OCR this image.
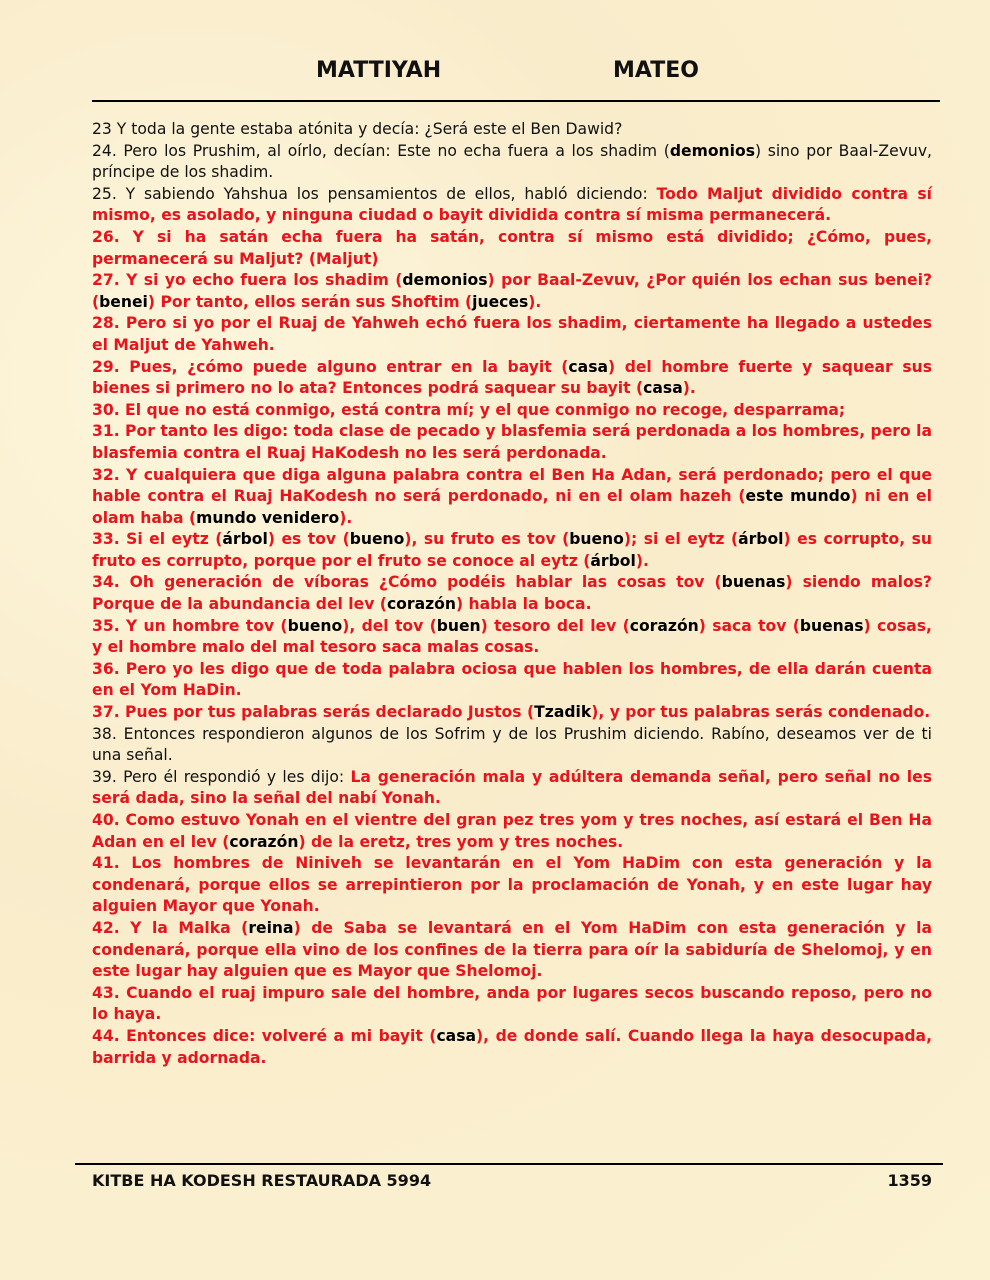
MATTIYAH	MATEO

23 Y toda la gente estaba atónita y decía: ¿Será este el Ben Dawid?

24. Pero los Prushim, al oírlo, decían: Este no echa fuera a los shadim (demonios) sino por Baal-Zevuv, príncipe de los shadim.

25. Y sabiendo Yahshua los pensamientos de ellos, habló diciendo: Todo Maljut dividido contra sí mismo, es asolado, y ninguna ciudad o bayit dividida contra sí misma permanecerá.

26. Y si ha satán echa fuera ha satán, contra sí mismo está dividido; ¿Cómo, pues, permanecerá su Maljut? (Maljut)

27. Y si yo echo fuera los shadim (demonios) por Baal-Zevuv, ¿Por quién los echan sus benei? (benei) Por tanto, ellos serán sus Shoftim (jueces).

28. Pero si yo por el Ruaj de Yahweh echó fuera los shadim, ciertamente ha llegado a ustedes el Maljut de Yahweh.

29. Pues, ¿cómo puede alguno entrar en la bayit (casa) del hombre fuerte y saquear sus bienes si primero no lo ata? Entonces podrá saquear su bayit (casa).

30. El que no está conmigo, está contra mí; y el que conmigo no recoge, desparrama;

31. Por tanto les digo: toda clase de pecado y blasfemia será perdonada a los hombres, pero la blasfemia contra el Ruaj HaKodesh no les será perdonada.

32. Y cualquiera que diga alguna palabra contra el Ben Ha Adan, será perdonado; pero el que hable contra el Ruaj HaKodesh no será perdonado, ni en el olam hazeh (este mundo) ni en el olam haba (mundo venidero).

33. Si el eytz (árbol) es tov (bueno), su fruto es tov (bueno); si el eytz (árbol) es corrupto, su fruto es corrupto, porque por el fruto se conoce al eytz (árbol).

34. Oh generación de víboras ¿Cómo podéis hablar las cosas tov (buenas) siendo malos? Porque de la abundancia del lev (corazón) habla la boca.

35. Y un hombre tov (bueno), del tov (buen) tesoro del lev (corazón) saca tov (buenas) cosas, y el hombre malo del mal tesoro saca malas cosas.

36. Pero yo les digo que de toda palabra ociosa que hablen los hombres, de ella darán cuenta en el Yom HaDin.

37. Pues por tus palabras serás declarado Justos (Tzadik), y por tus palabras serás condenado.

38. Entonces respondieron algunos de los Sofrim y de los Prushim diciendo. Rabíno, deseamos ver de ti una señal.

39. Pero él respondió y les dijo: La generación mala y adúltera demanda señal, pero señal no les será dada, sino la señal del nabí Yonah.

40. Como estuvo Yonah en el vientre del gran pez tres yom y tres noches, así estará el Ben Ha Adan en el lev (corazón) de la eretz, tres yom y tres noches.

41. Los hombres de Niniveh se levantarán en el Yom HaDim con esta generación y la condenará, porque ellos se arrepintieron por la proclamación de Yonah, y en este lugar hay alguien Mayor que Yonah.

42. Y la Malka (reina) de Saba se levantará en el Yom HaDim con esta generación y la condenará, porque ella vino de los confines de la tierra para oír la sabiduría de Shelomoj, y en este lugar hay alguien que es Mayor que Shelomoj.

43. Cuando el ruaj impuro sale del hombre, anda por lugares secos buscando reposo, pero no lo haya.

44. Entonces dice: volveré a mi bayit (casa), de donde salí. Cuando llega la haya desocupada, barrida y adornada.

KITBE HA KODESH RESTAURADA 5994	1359
